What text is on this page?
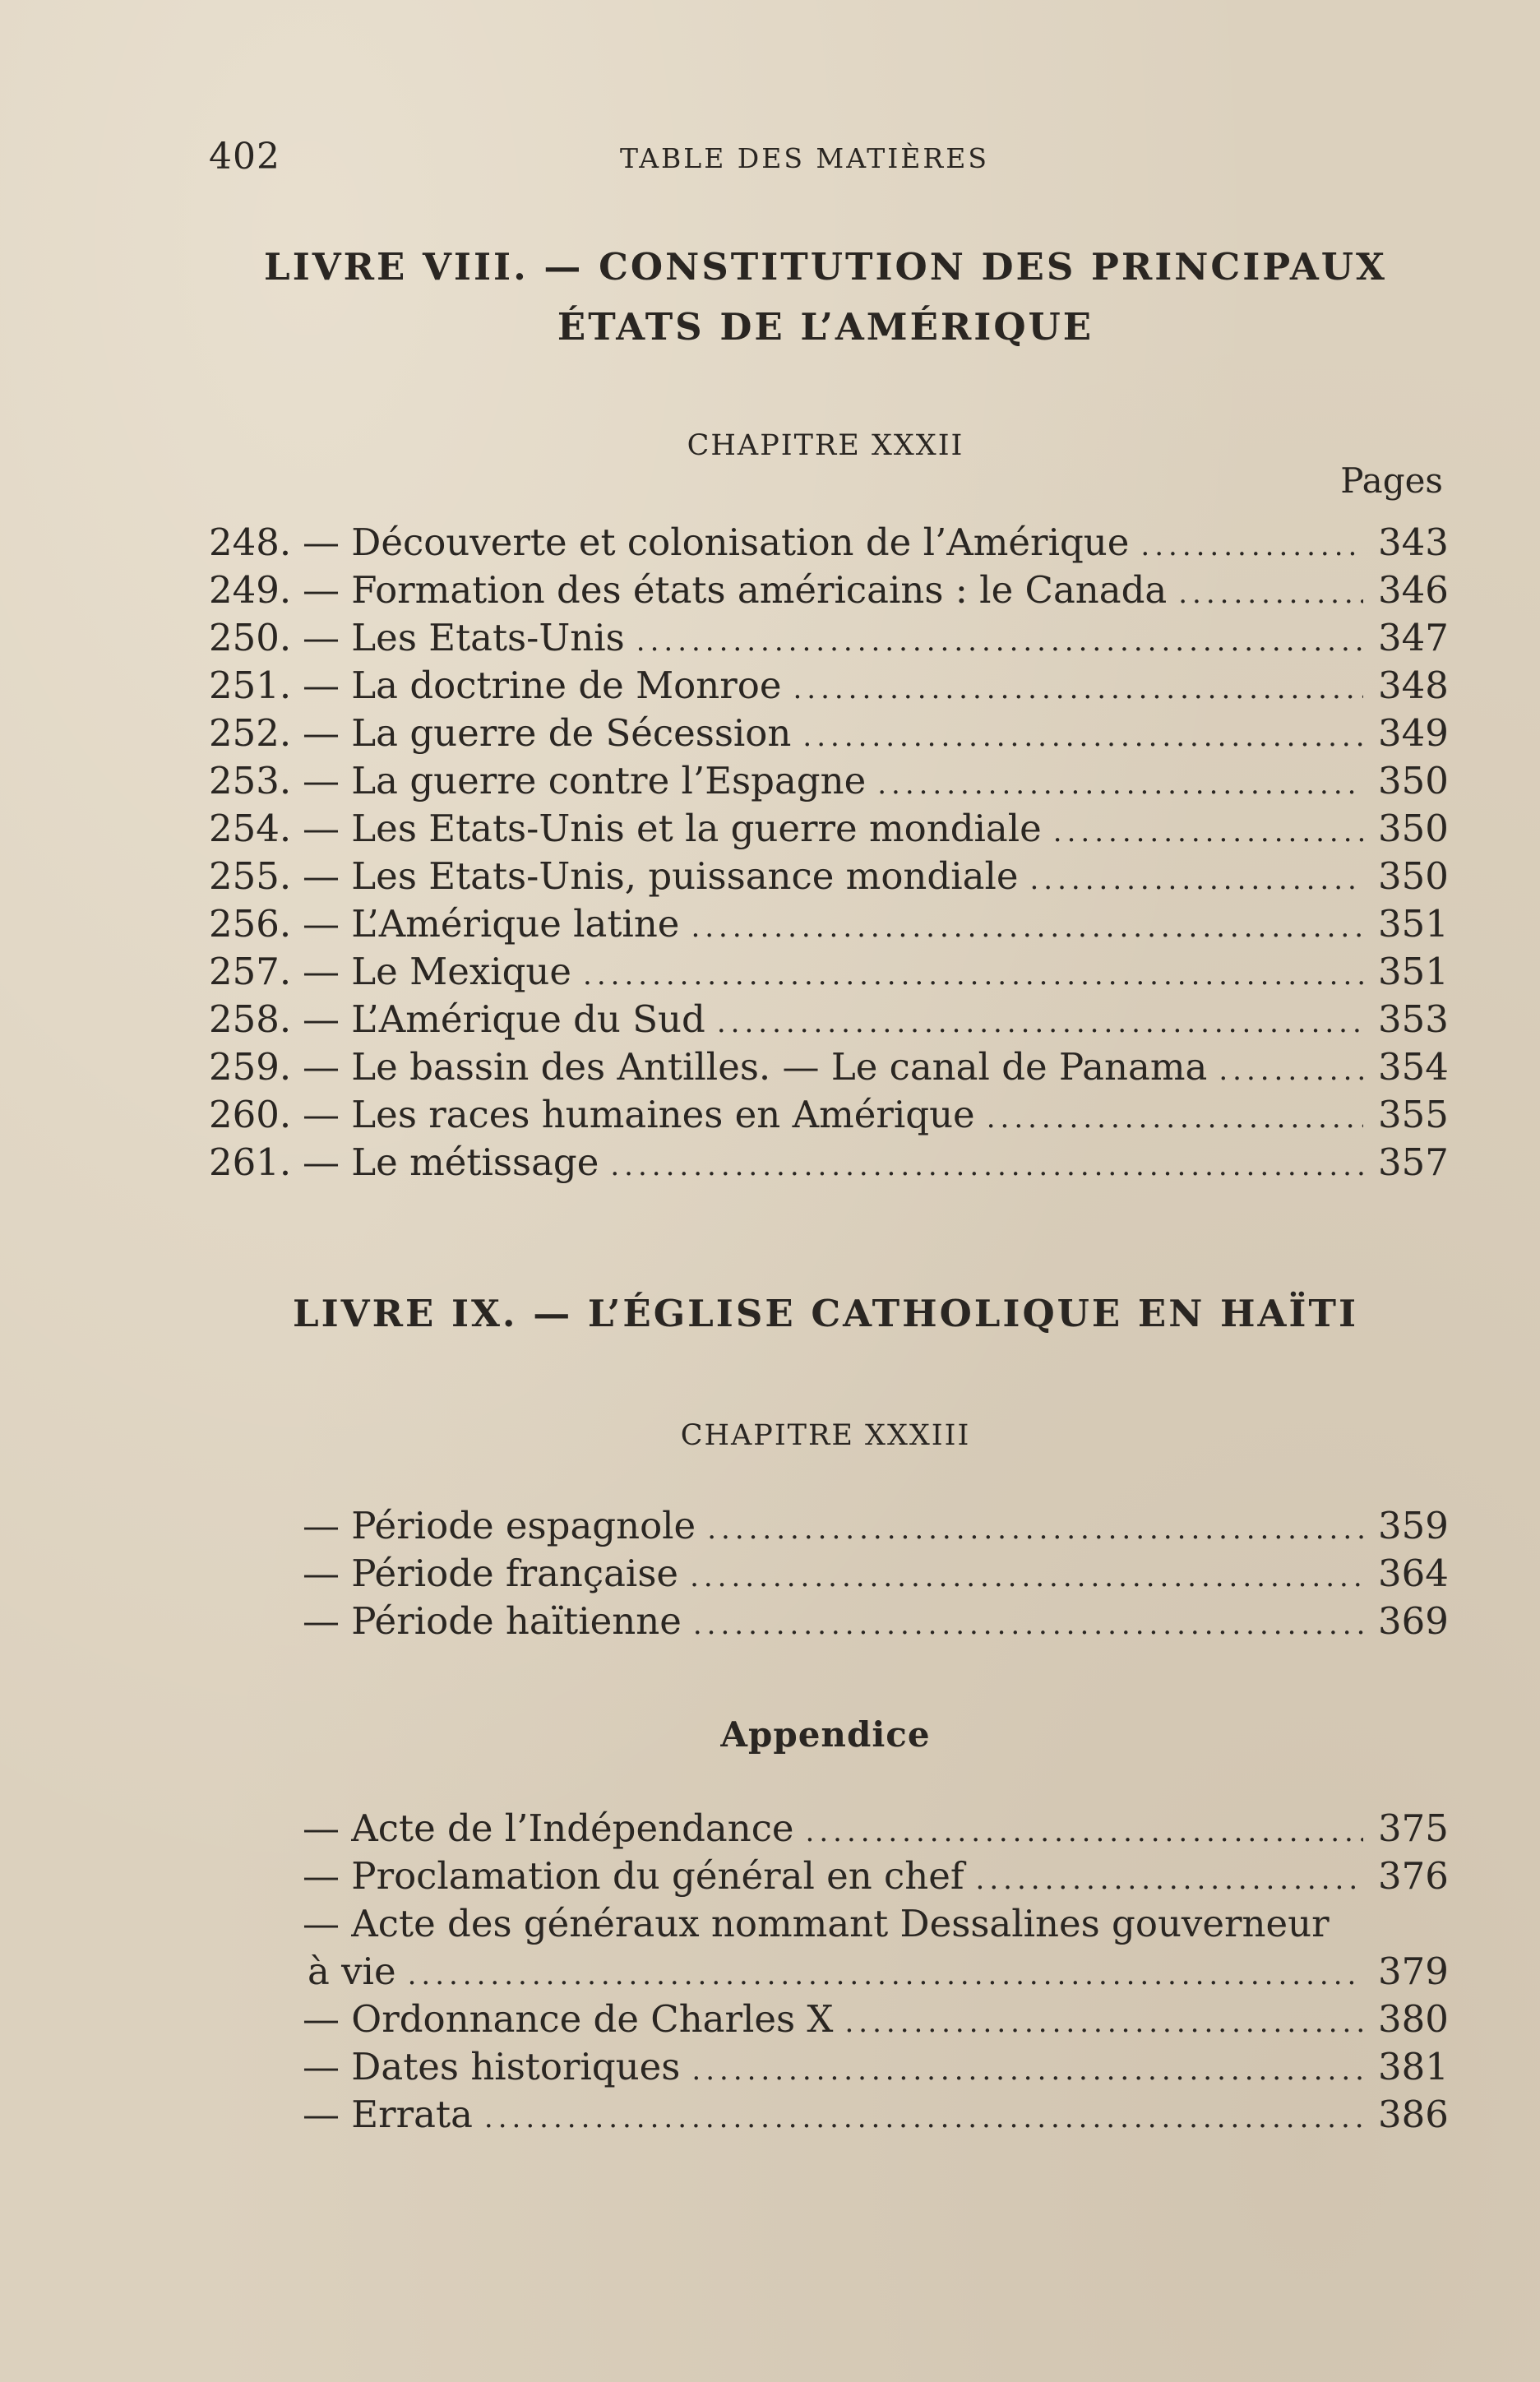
402	TABLE DES MATIÈRES
LIVRE VIII. — CONSTITUTION DES PRINCIPAUX
ÉTATS DE L’AMÉRIQUE
CHAPITRE XXXII
Pages
248. — Découverte et colonisation de l’Amérique .....	343
249. — Formation des états américains : le Canada .....	346
250. — Les Etats-Unis .....	347
251. — La doctrine de Monroe .....	348
252. — La guerre de Sécession .....	349
253. — La guerre contre l’Espagne .....	350
254. — Les Etats-Unis et la guerre mondiale .....	350
255. — Les Etats-Unis, puissance mondiale .....	350
256. — L’Amérique latine .....	351
257. — Le Mexique .....	351
258. — L’Amérique du Sud .....	353
259. — Le bassin des Antilles. — Le canal de Panama .....	354
260. — Les races humaines en Amérique .....	355
261. — Le métissage .....	357
LIVRE IX. — L’ÉGLISE CATHOLIQUE EN HAÏTI
CHAPITRE XXXIII
— Période espagnole .....	359
— Période française .....	364
— Période haïtienne .....	369
Appendice
— Acte de l’Indépendance .....	375
— Proclamation du général en chef .....	376
— Acte des généraux nommant Dessalines gouverneur
à vie .....	379
— Ordonnance de Charles X .....	380
— Dates historiques .....	381
— Errata .....	386
